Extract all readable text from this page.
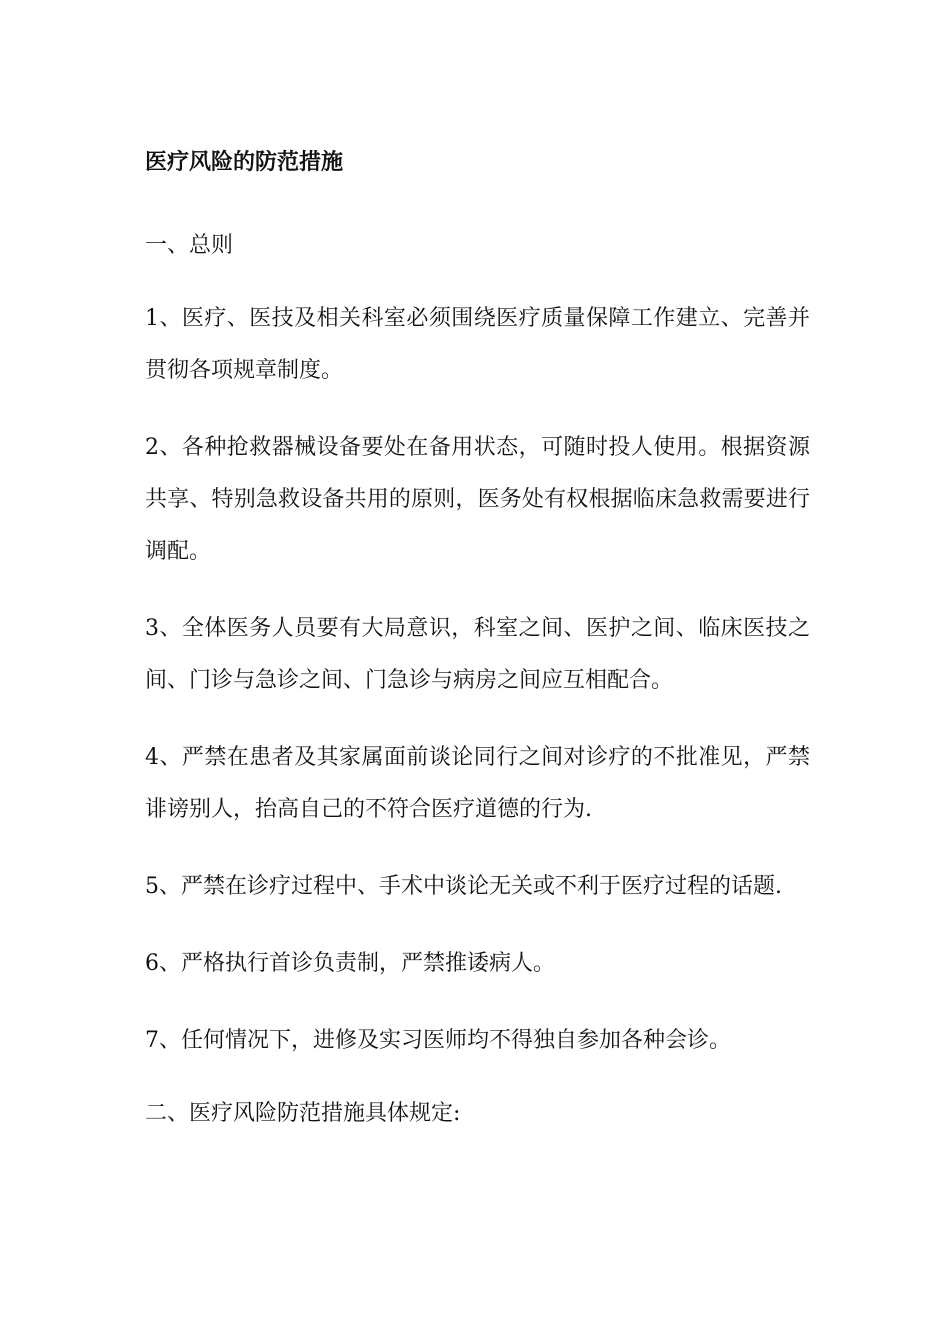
医疗风险的防范措施
一、总则

1、医疗、医技及相关科室必须围绕医疗质量保障工作建立、完善并贯彻各项规章制度。

2、各种抢救器械设备要处在备用状态，可随时投人使用。根据资源共享、特别急救设备共用的原则，医务处有权根据临床急救需要进行调配。

3、全体医务人员要有大局意识，科室之间、医护之间、临床医技之间、门诊与急诊之间、门急诊与病房之间应互相配合。

4、严禁在患者及其家属面前谈论同行之间对诊疗的不批准见，严禁诽谤别人，抬高自己的不符合医疗道德的行为.

5、严禁在诊疗过程中、手术中谈论无关或不利于医疗过程的话题.

6、严格执行首诊负责制，严禁推诿病人。

7、任何情况下，进修及实习医师均不得独自参加各种会诊。

二、医疗风险防范措施具体规定:
